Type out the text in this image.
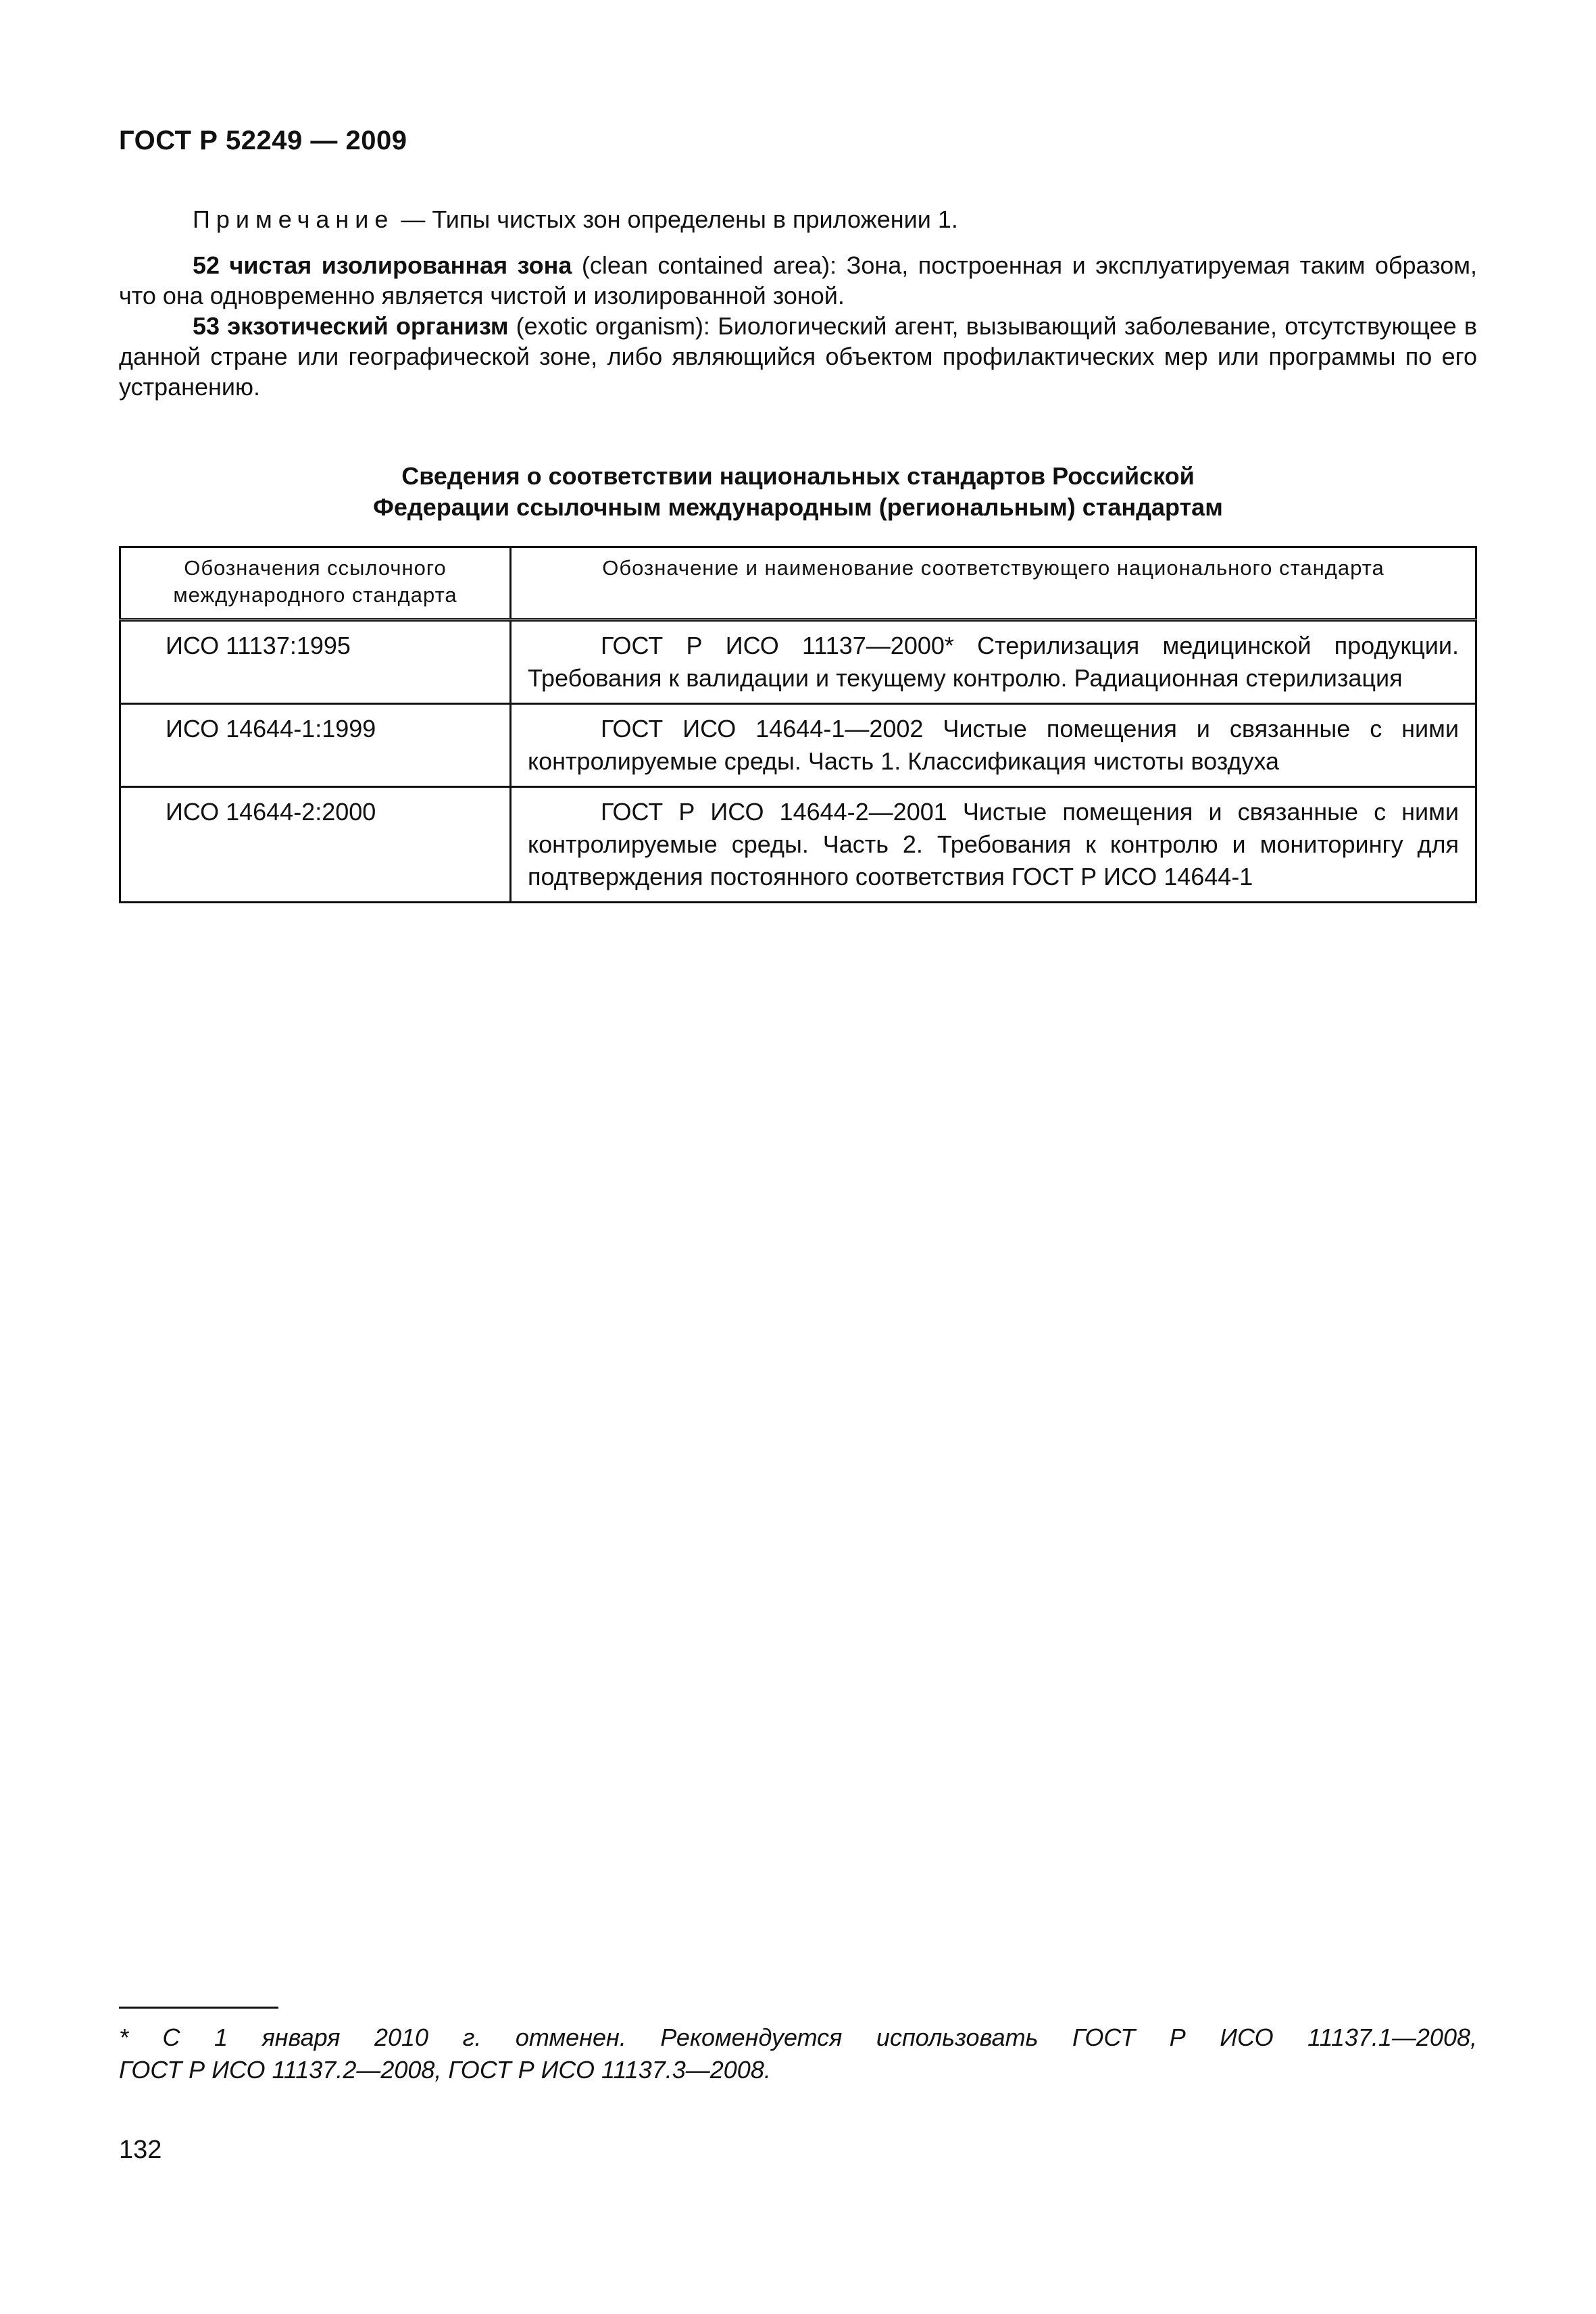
ГОСТ Р 52249 — 2009
Примечание — Типы чистых зон определены в приложении 1.
52 чистая изолированная зона (clean contained area): Зона, построенная и эксплуатируемая таким образом, что она одновременно является чистой и изолированной зоной.
53 экзотический организм (exotic organism): Биологический агент, вызывающий заболевание, отсутствующее в данной стране или географической зоне, либо являющийся объектом профилактических мер или программы по его устранению.
Сведения о соответствии национальных стандартов Российской
Федерации ссылочным международным (региональным) стандартам
Обозначения ссылочного международного стандарта	Обозначение и наименование соответствующего национального стандарта
ИСО 11137:1995	ГОСТ Р ИСО 11137—2000* Стерилизация медицинской продукции. Требования к валидации и текущему контролю. Радиационная стерилизация
ИСО 14644-1:1999	ГОСТ ИСО 14644-1—2002 Чистые помещения и связанные с ними контролируемые среды. Часть 1. Классификация чистоты воздуха
ИСО 14644-2:2000	ГОСТ Р ИСО 14644-2—2001 Чистые помещения и связанные с ними контролируемые среды. Часть 2. Требования к контролю и мониторингу для подтверждения постоянного соответствия ГОСТ Р ИСО 14644-1
* С 1 января 2010 г. отменен. Рекомендуется использовать ГОСТ Р ИСО 11137.1—2008,
ГОСТ Р ИСО 11137.2—2008, ГОСТ Р ИСО 11137.3—2008.
132
